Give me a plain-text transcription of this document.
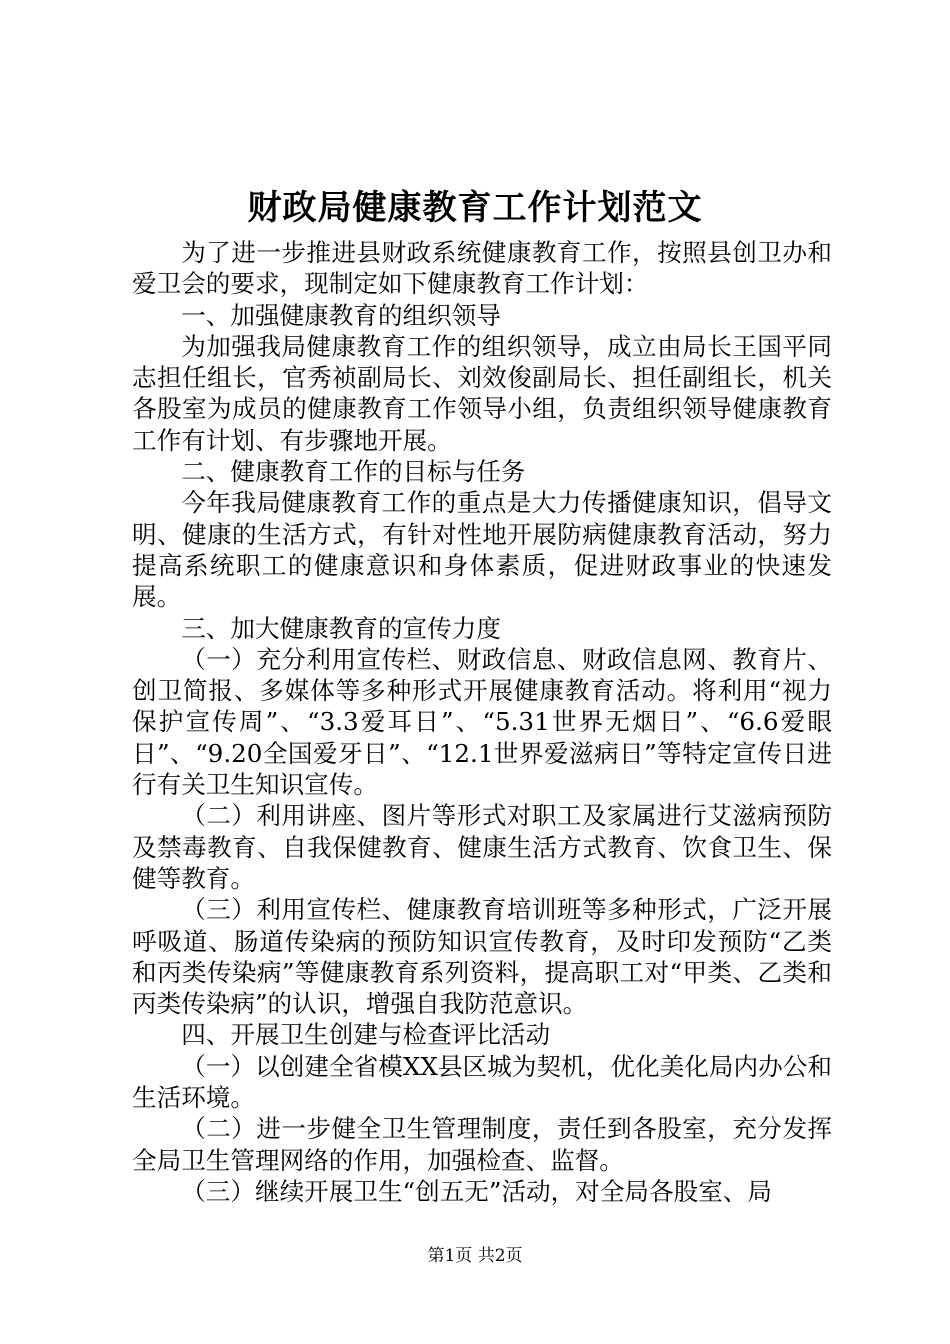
财政局健康教育工作计划范文

为了进一步推进县财政系统健康教育工作，按照县创卫办和爱卫会的要求，现制定如下健康教育工作计划：

一、加强健康教育的组织领导

为加强我局健康教育工作的组织领导，成立由局长王国平同志担任组长，官秀祯副局长、刘效俊副局长、担任副组长，机关各股室为成员的健康教育工作领导小组，负责组织领导健康教育工作有计划、有步骤地开展。

二、健康教育工作的目标与任务

今年我局健康教育工作的重点是大力传播健康知识，倡导文明、健康的生活方式，有针对性地开展防病健康教育活动，努力提高系统职工的健康意识和身体素质，促进财政事业的快速发展。

三、加大健康教育的宣传力度

（一）充分利用宣传栏、财政信息、财政信息网、教育片、创卫简报、多媒体等多种形式开展健康教育活动。将利用“视力保护宣传周”、“3.3爱耳日”、“5.31世界无烟日”、“6.6爱眼日”、“9.20全国爱牙日”、“12.1世界爱滋病日”等特定宣传日进行有关卫生知识宣传。

（二）利用讲座、图片等形式对职工及家属进行艾滋病预防及禁毒教育、自我保健教育、健康生活方式教育、饮食卫生、保健等教育。

（三）利用宣传栏、健康教育培训班等多种形式，广泛开展呼吸道、肠道传染病的预防知识宣传教育，及时印发预防“乙类和丙类传染病”等健康教育系列资料，提高职工对“甲类、乙类和丙类传染病”的认识，增强自我防范意识。

四、开展卫生创建与检查评比活动

（一）以创建全省模XX县区城为契机，优化美化局内办公和生活环境。

（二）进一步健全卫生管理制度，责任到各股室，充分发挥全局卫生管理网络的作用，加强检查、监督。

（三）继续开展卫生“创五无”活动，对全局各股室、局

第1页 共2页
